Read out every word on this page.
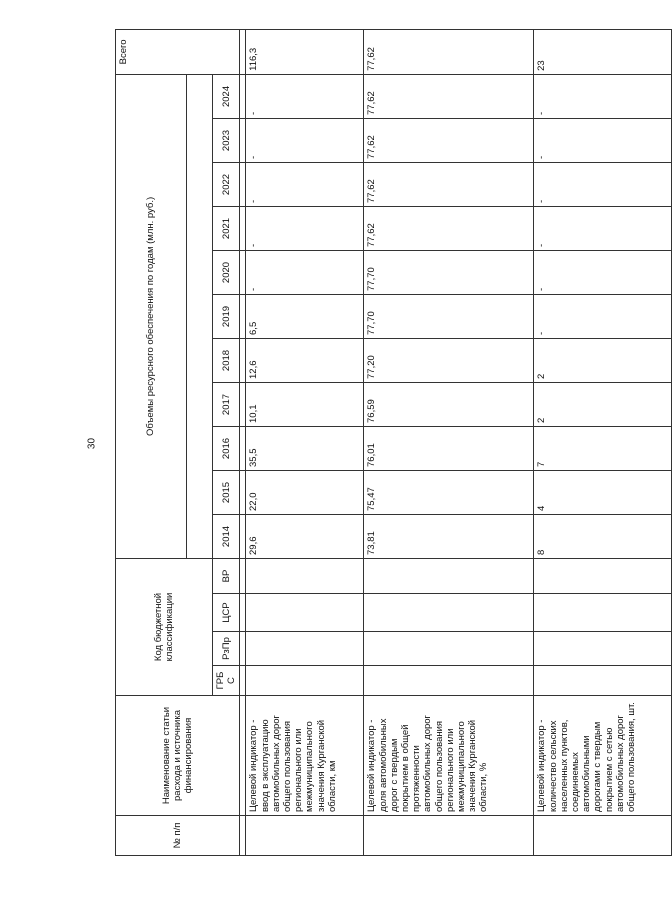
30
№ п/п	Наименование статьи расхода и источника финансирования	Код бюджетной классификации				Объемы ресурсного обеспечения по годам (млн. руб.)											Всего

		ГРБС	РзПр	ЦСР	ВР	2014	2015	2016	2017	2018	2019	2020	2021	2022	2023	2024	

	Целевой индикатор - ввод в эксплуатацию автомобильных дорог общего пользования регионального или межмуниципального значения Курганской области, км					29,6	22,0	35,5	10,1	12,6	6,5	-	-	-	-	-	116,3
	Целевой индикатор - доля автомобильных дорог с твердым покрытием в общей протяженности автомобильных дорог общего пользования регионального или межмуниципального значения Курганской области, %					73,81	75,47	76,01	76,59	77,20	77,70	77,70	77,62	77,62	77,62	77,62	77,62
	Целевой индикатор - количество сельских населенных пунктов, соединяемых автомобильными дорогами с твердым покрытием с сетью автомобильных дорог общего пользования, шт.					8	4	7	2	2	-	-	-	-	-	-	23
